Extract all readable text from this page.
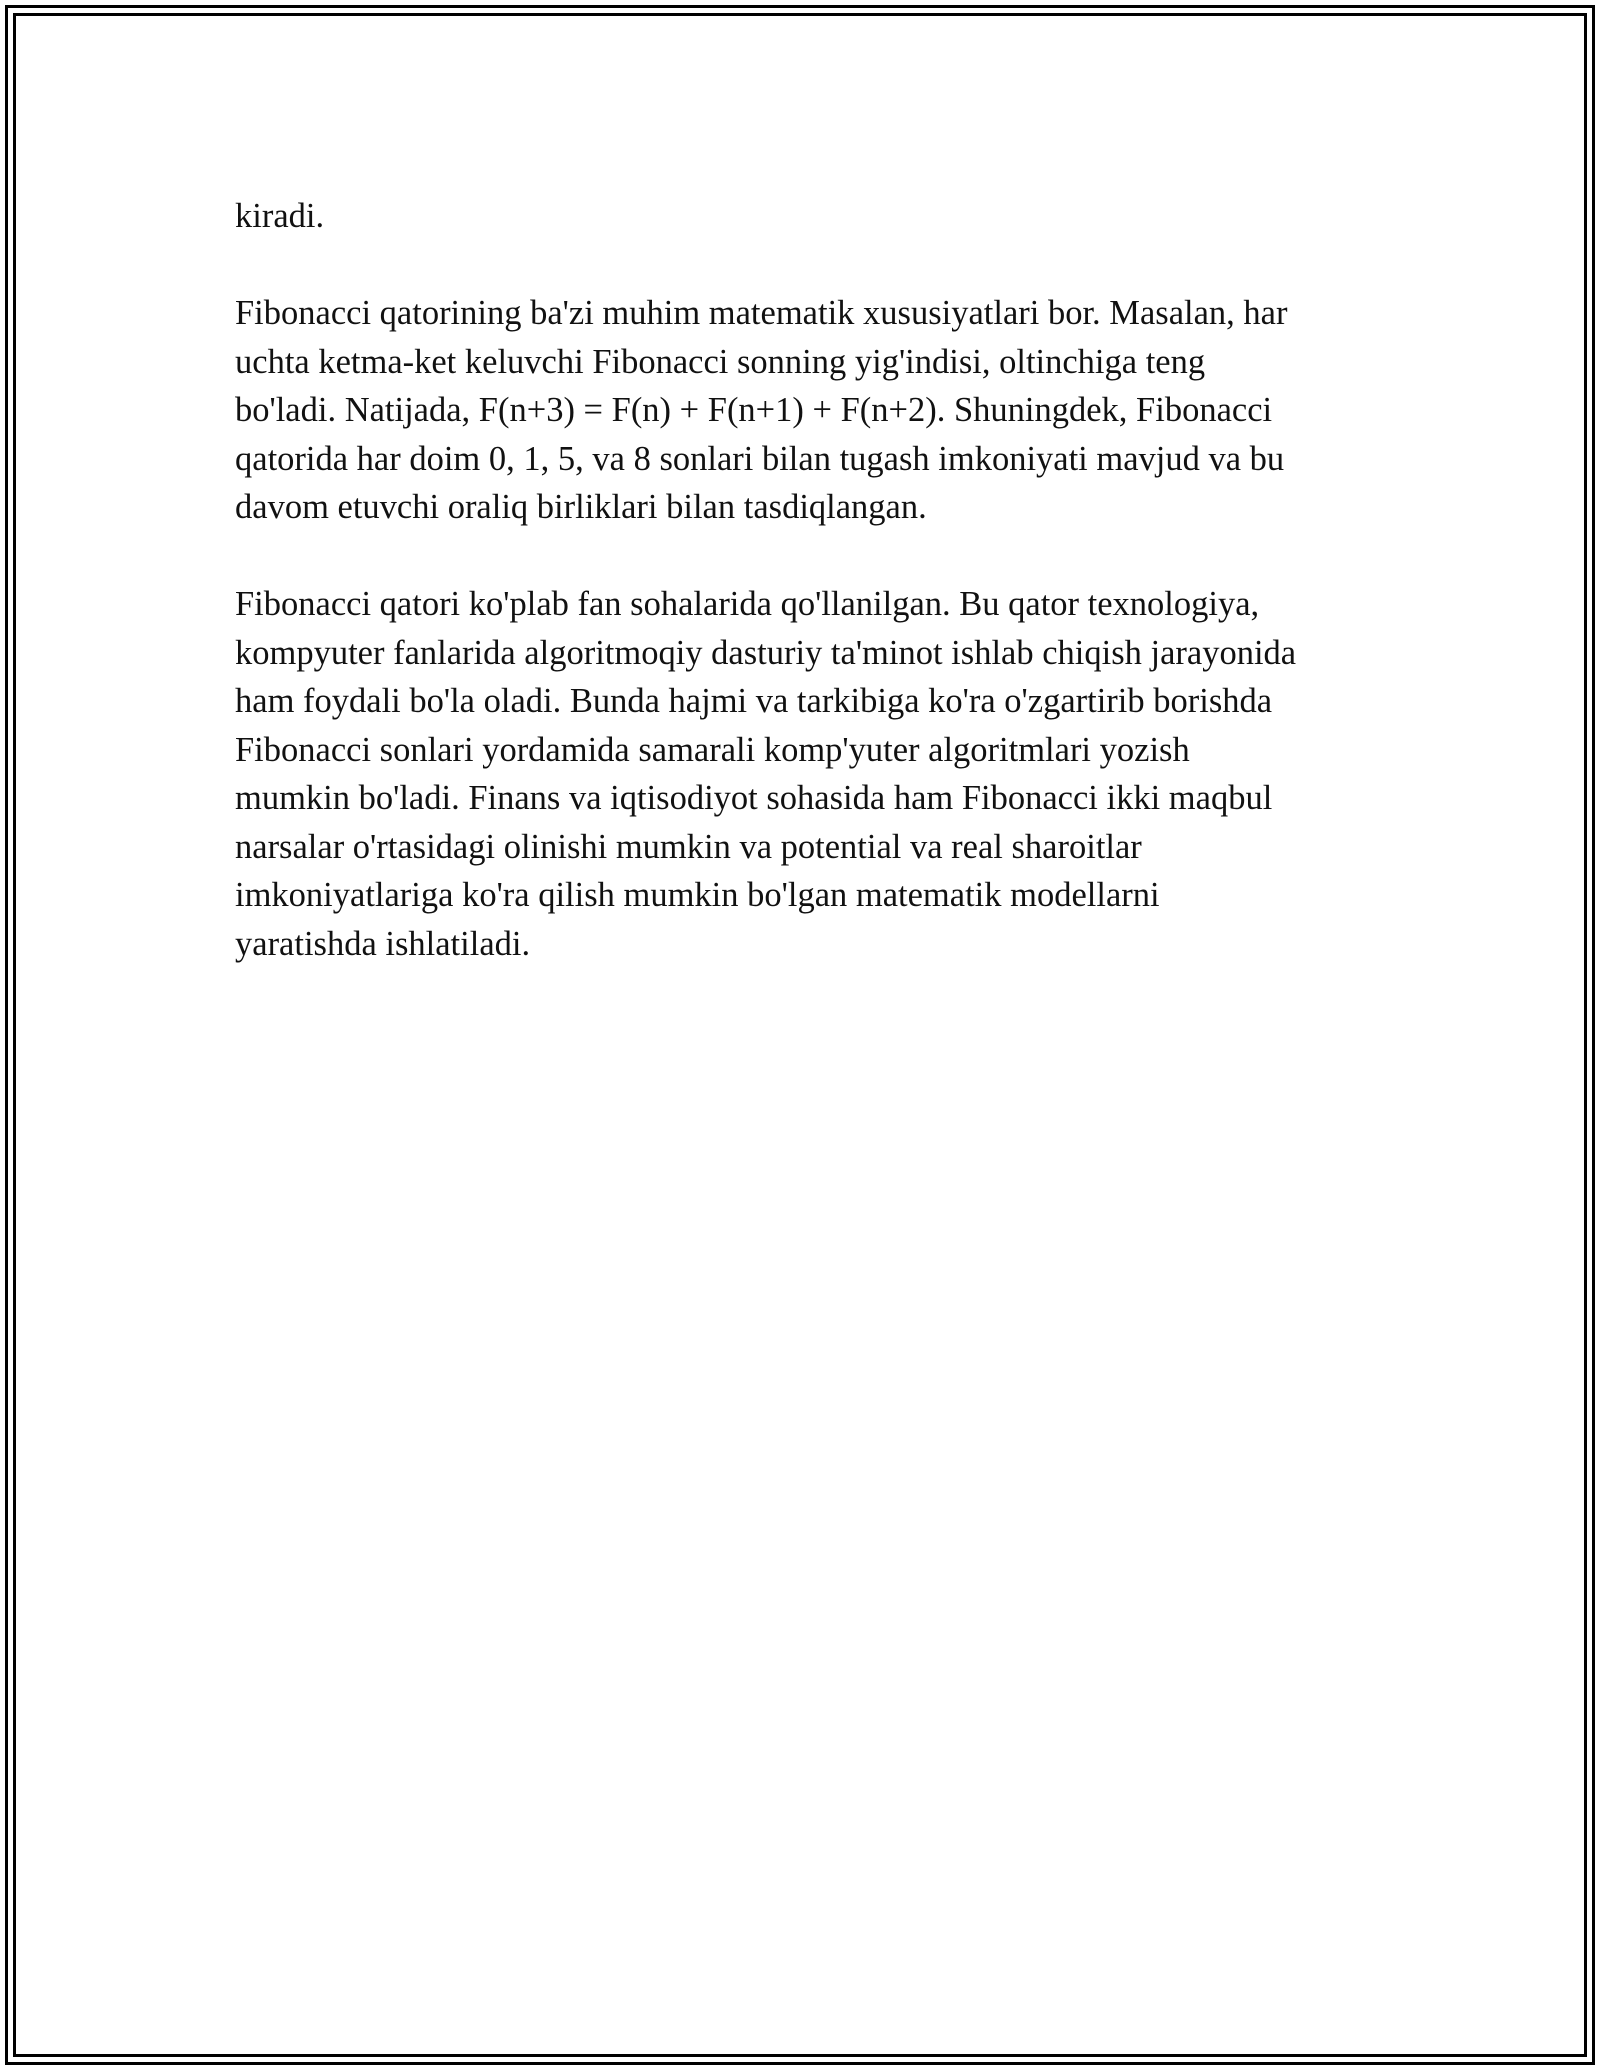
kiradi.

Fibonacci qatorining ba'zi muhim matematik xususiyatlari bor. Masalan, har
uchta ketma-ket keluvchi Fibonacci sonning yig'indisi, oltinchiga teng
bo'ladi. Natijada, F(n+3) = F(n) + F(n+1) + F(n+2). Shuningdek, Fibonacci
qatorida har doim 0, 1, 5, va 8 sonlari bilan tugash imkoniyati mavjud va bu
davom etuvchi oraliq birliklari bilan tasdiqlangan.

Fibonacci qatori ko'plab fan sohalarida qo'llanilgan. Bu qator texnologiya,
kompyuter fanlarida algoritmoqiy dasturiy ta'minot ishlab chiqish jarayonida
ham foydali bo'la oladi. Bunda hajmi va tarkibiga ko'ra o'zgartirib borishda
Fibonacci sonlari yordamida samarali komp'yuter algoritmlari yozish
mumkin bo'ladi. Finans va iqtisodiyot sohasida ham Fibonacci ikki maqbul
narsalar o'rtasidagi olinishi mumkin va potential va real sharoitlar
imkoniyatlariga ko'ra qilish mumkin bo'lgan matematik modellarni
yaratishda ishlatiladi.
